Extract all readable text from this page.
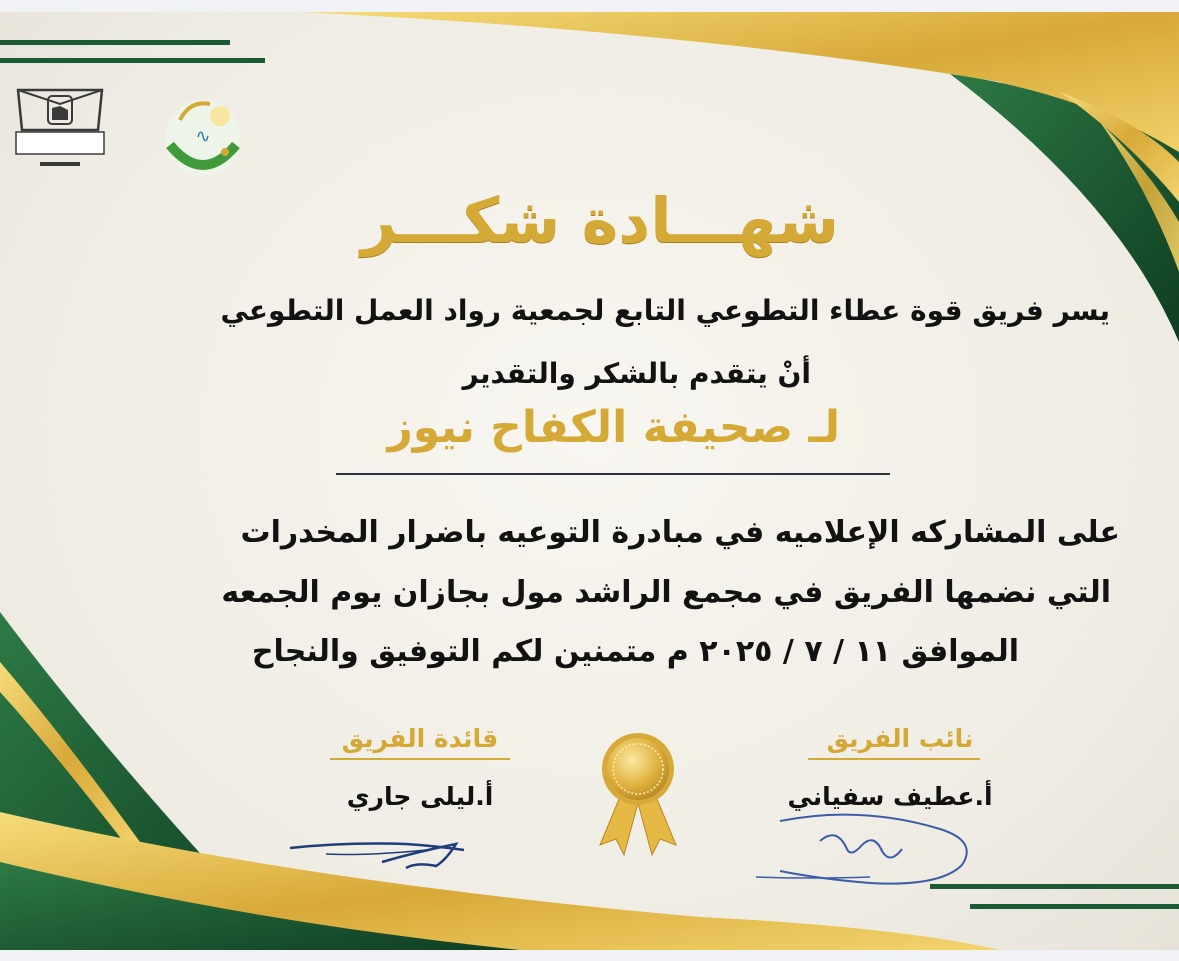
∿
شهـــادة شكـــر
يسر فريق قوة عطاء التطوعي التابع لجمعية رواد العمل التطوعي
أنْ يتقدم بالشكر والتقدير
لـ صحيفة الكفاح نيوز
على المشاركه الإعلاميه في مبادرة التوعيه باضرار المخدرات
التي نضمها الفريق في مجمع الراشد مول بجازان يوم الجمعه
الموافق ١١ / ٧ / ٢٠٢٥ م متمنين لكم التوفيق والنجاح
قائدة الفريق
أ.ليلى جاري
نائب الفريق
أ.عطيف سفياني
